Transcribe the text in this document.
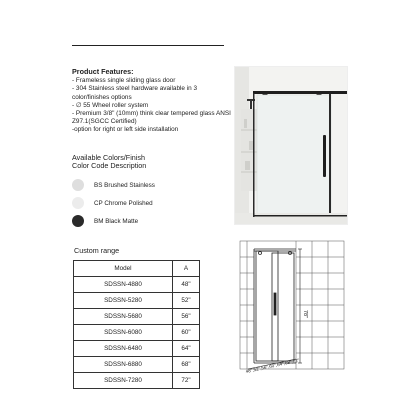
Product Features:
- Frameless single sliding glass door
- 304 Stainless steel hardware available in 3 color/finishes options
- ∅ 55 Wheel roller system
- Premium 3/8" (10mm) think clear tempered glass ANSI Z97.1(SGCC Certified)
-option for right or left side installation
Available Colors/Finish
Color Code Description
BS Brushed Stainless
CP Chrome Polished
BM Black Matte
Custom range
Model	A
SDSSN-4880	48"
SDSSN-5280	52"
SDSSN-5680	56"
SDSSN-6080	60"
SDSSN-6480	64"
SDSSN-6880	68"
SDSSN-7280	72"
78"
48",52",56",60",64",68",72"
